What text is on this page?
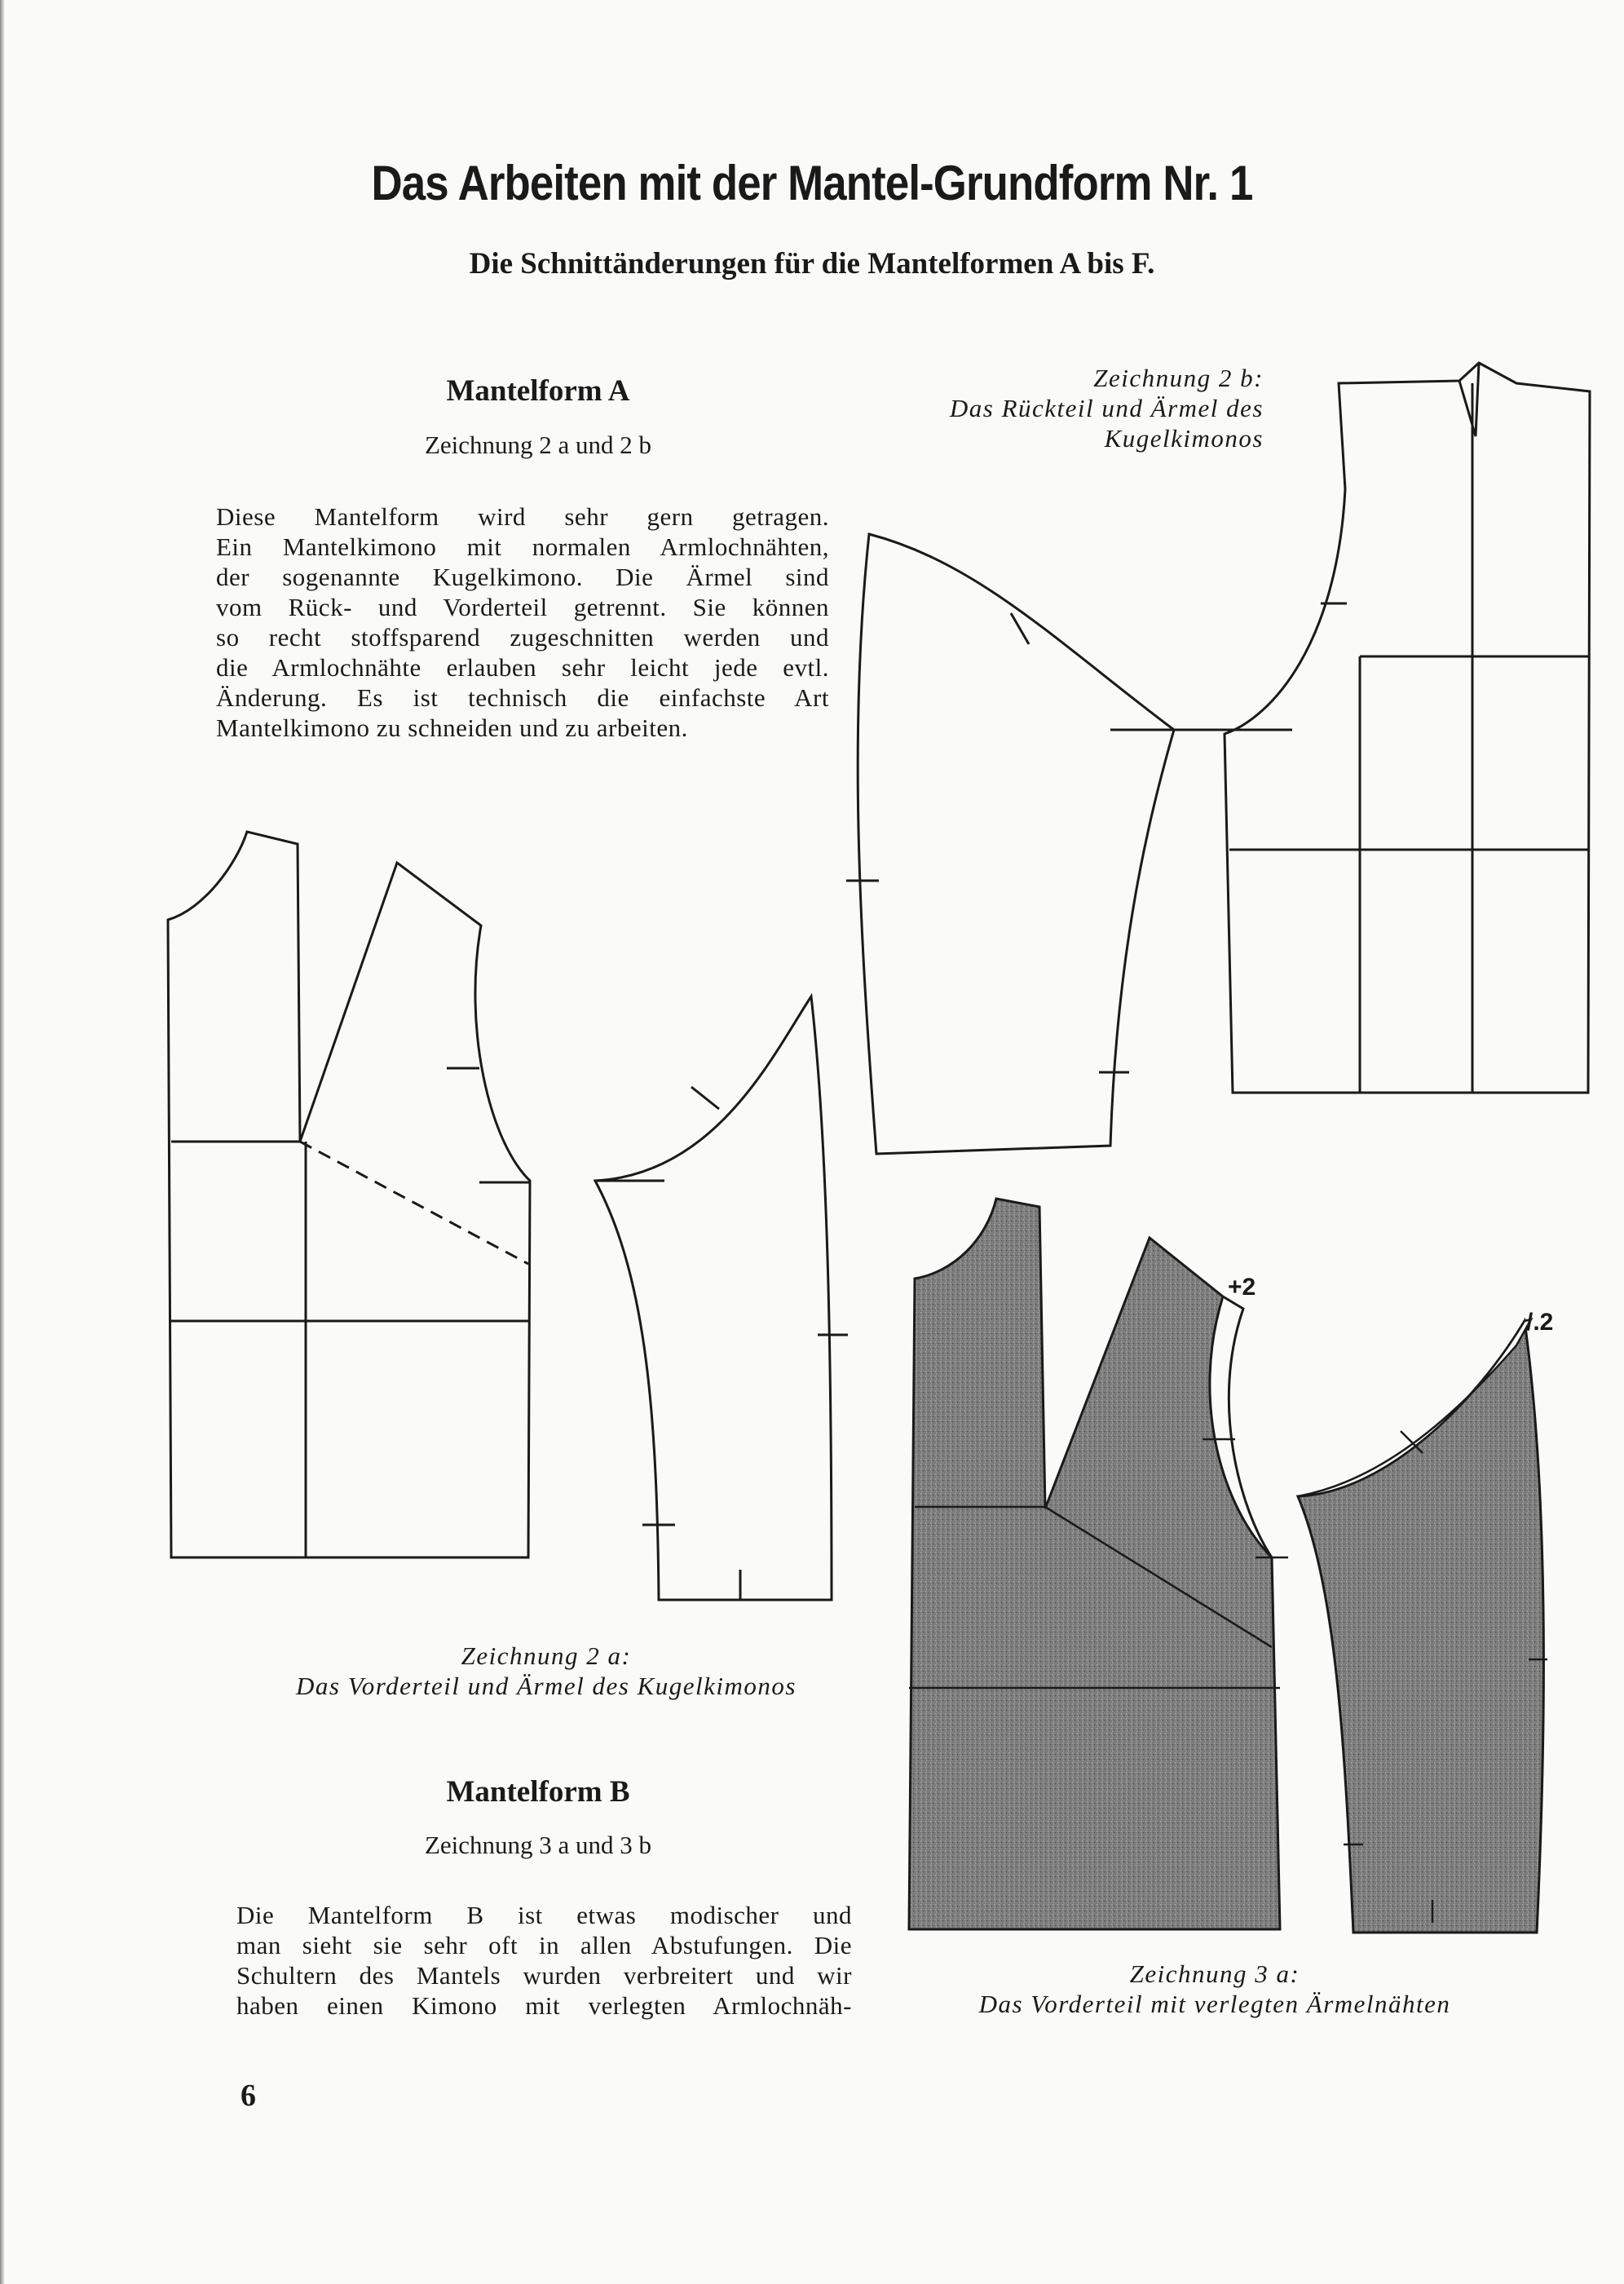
Das Arbeiten mit der Mantel-Grundform Nr. 1
Die Schnittänderungen für die Mantelformen A bis F.
Mantelform A
Zeichnung 2 a und 2 b
Diese Mantelform wird sehr gern getragen.
Ein Mantelkimono mit normalen Armlochnähten,
der sogenannte Kugelkimono. Die Ärmel sind
vom Rück- und Vorderteil getrennt. Sie können
so recht stoffsparend zugeschnitten werden und
die Armlochnähte erlauben sehr leicht jede evtl.
Änderung. Es ist technisch die einfachste Art
Mantelkimono zu schneiden und zu arbeiten.
Zeichnung 2 b:
Das Rückteil und Ärmel des
Kugelkimonos
Zeichnung 2 a:
Das Vorderteil und Ärmel des Kugelkimonos
Mantelform B
Zeichnung 3 a und 3 b
Die Mantelform B ist etwas modischer und
man sieht sie sehr oft in allen Abstufungen. Die
Schultern des Mantels wurden verbreitert und wir
haben einen Kimono mit verlegten Armlochnäh-
Zeichnung 3 a:
Das Vorderteil mit verlegten Ärmelnähten
6
+2
/.2
